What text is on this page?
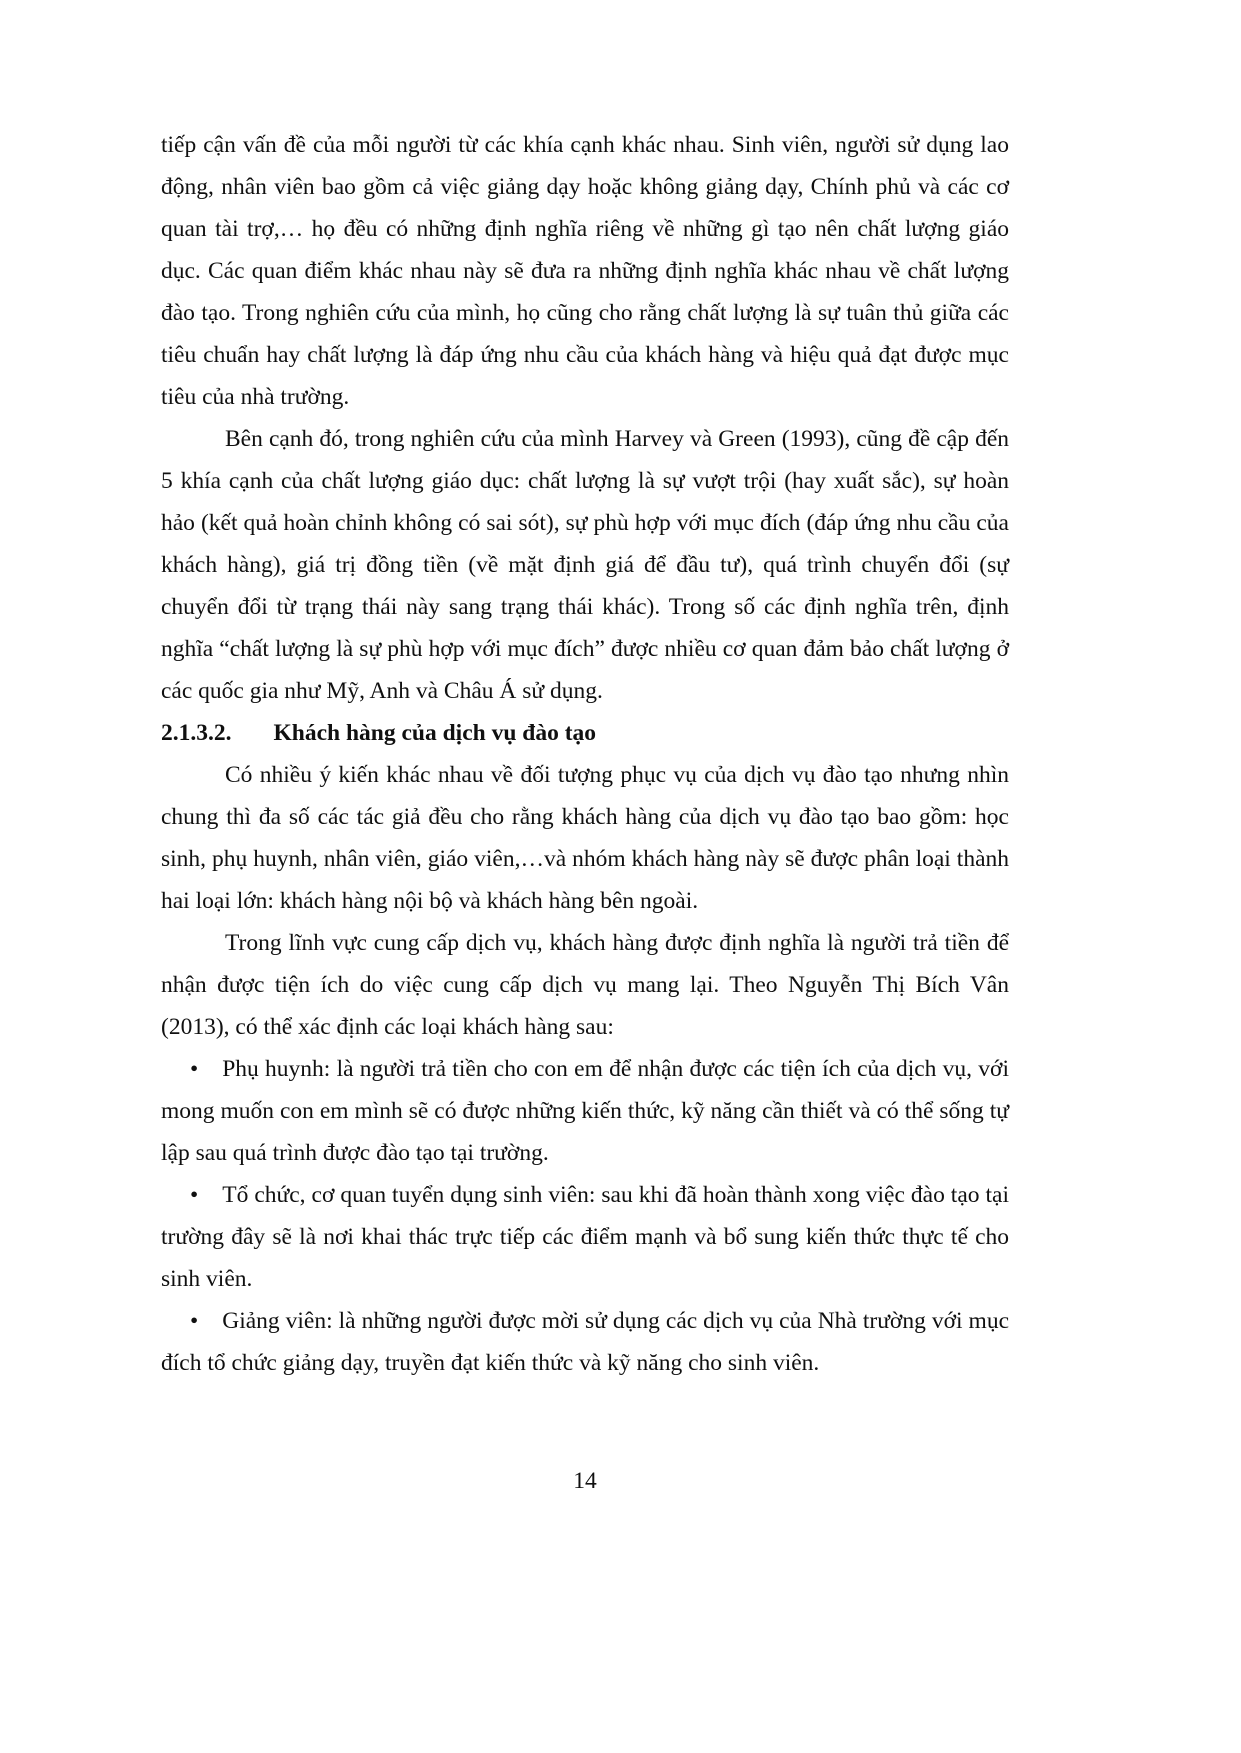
tiếp cận vấn đề của mỗi người từ các khía cạnh khác nhau. Sinh viên, người sử dụng lao động, nhân viên bao gồm cả việc giảng dạy hoặc không giảng dạy, Chính phủ và các cơ quan tài trợ,… họ đều có những định nghĩa riêng về những gì tạo nên chất lượng giáo dục. Các quan điểm khác nhau này sẽ đưa ra những định nghĩa khác nhau về chất lượng đào tạo. Trong nghiên cứu của mình, họ cũng cho rằng chất lượng là sự tuân thủ giữa các tiêu chuẩn hay chất lượng là đáp ứng nhu cầu của khách hàng và hiệu quả đạt được mục tiêu của nhà trường.

Bên cạnh đó, trong nghiên cứu của mình Harvey và Green (1993), cũng đề cập đến 5 khía cạnh của chất lượng giáo dục: chất lượng là sự vượt trội (hay xuất sắc), sự hoàn hảo (kết quả hoàn chỉnh không có sai sót), sự phù hợp với mục đích (đáp ứng nhu cầu của khách hàng), giá trị đồng tiền (về mặt định giá để đầu tư), quá trình chuyển đổi (sự chuyển đổi từ trạng thái này sang trạng thái khác). Trong số các định nghĩa trên, định nghĩa “chất lượng là sự phù hợp với mục đích” được nhiều cơ quan đảm bảo chất lượng ở các quốc gia như Mỹ, Anh và Châu Á sử dụng.

2.1.3.2. Khách hàng của dịch vụ đào tạo

Có nhiều ý kiến khác nhau về đối tượng phục vụ của dịch vụ đào tạo nhưng nhìn chung thì đa số các tác giả đều cho rằng khách hàng của dịch vụ đào tạo bao gồm: học sinh, phụ huynh, nhân viên, giáo viên,…và nhóm khách hàng này sẽ được phân loại thành hai loại lớn: khách hàng nội bộ và khách hàng bên ngoài.

Trong lĩnh vực cung cấp dịch vụ, khách hàng được định nghĩa là người trả tiền để nhận được tiện ích do việc cung cấp dịch vụ mang lại. Theo Nguyễn Thị Bích Vân (2013), có thể xác định các loại khách hàng sau:

• Phụ huynh: là người trả tiền cho con em để nhận được các tiện ích của dịch vụ, với mong muốn con em mình sẽ có được những kiến thức, kỹ năng cần thiết và có thể sống tự lập sau quá trình được đào tạo tại trường.

• Tổ chức, cơ quan tuyển dụng sinh viên: sau khi đã hoàn thành xong việc đào tạo tại trường đây sẽ là nơi khai thác trực tiếp các điểm mạnh và bổ sung kiến thức thực tế cho sinh viên.

• Giảng viên: là những người được mời sử dụng các dịch vụ của Nhà trường với mục đích tổ chức giảng dạy, truyền đạt kiến thức và kỹ năng cho sinh viên.

14
